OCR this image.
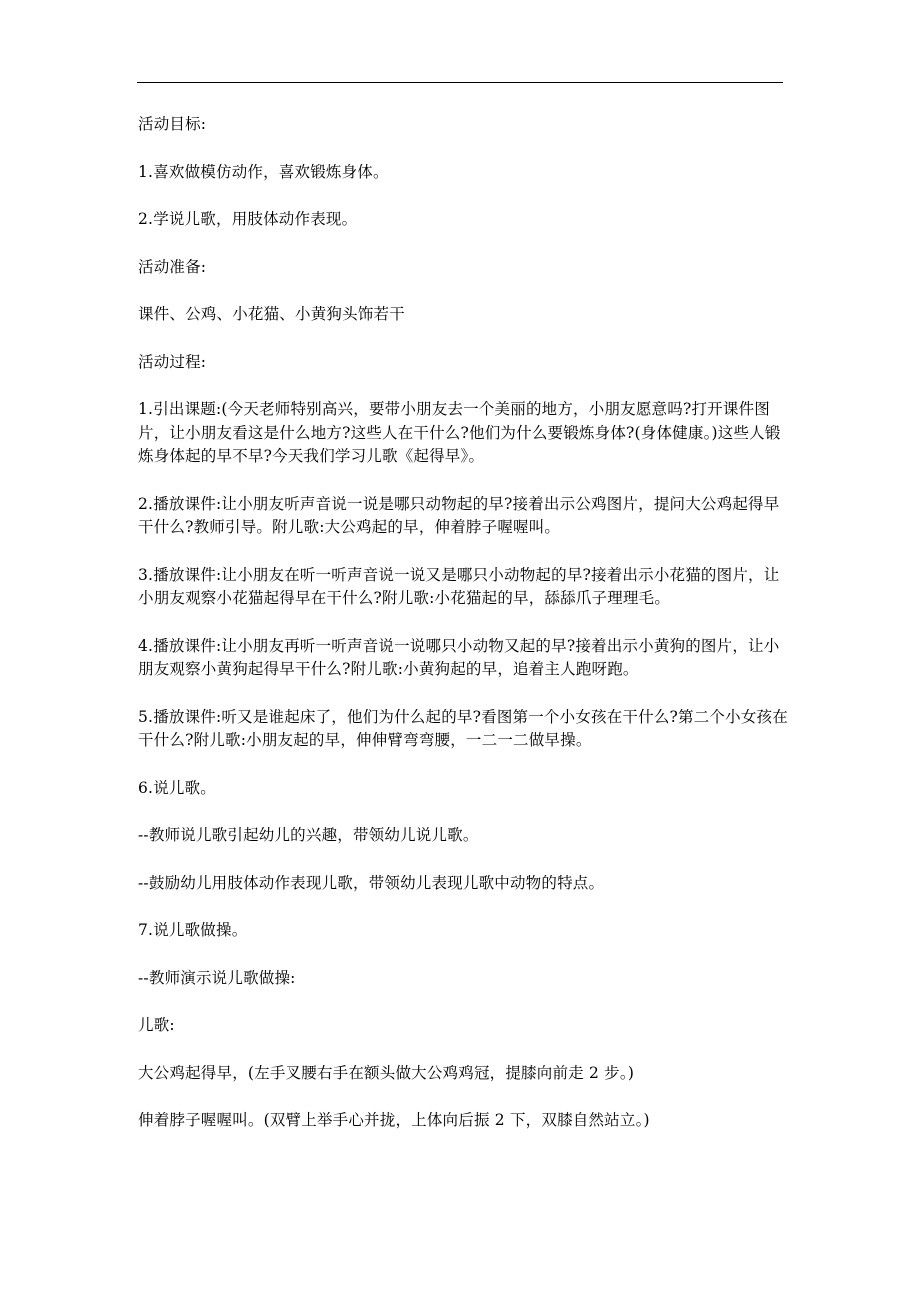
活动目标:

1.喜欢做模仿动作，喜欢锻炼身体。

2.学说儿歌，用肢体动作表现。

活动准备:

课件、公鸡、小花猫、小黄狗头饰若干

活动过程:

1.引出课题:(今天老师特别高兴，要带小朋友去一个美丽的地方，小朋友愿意吗?打开课件图片，让小朋友看这是什么地方?这些人在干什么?他们为什么要锻炼身体?(身体健康。)这些人锻炼身体起的早不早?今天我们学习儿歌《起得早》。

2.播放课件:让小朋友听声音说一说是哪只动物起的早?接着出示公鸡图片，提问大公鸡起得早干什么?教师引导。附儿歌:大公鸡起的早，伸着脖子喔喔叫。

3.播放课件:让小朋友在听一听声音说一说又是哪只小动物起的早?接着出示小花猫的图片，让小朋友观察小花猫起得早在干什么?附儿歌:小花猫起的早，舔舔爪子理理毛。

4.播放课件:让小朋友再听一听声音说一说哪只小动物又起的早?接着出示小黄狗的图片，让小朋友观察小黄狗起得早干什么?附儿歌:小黄狗起的早，追着主人跑呀跑。

5.播放课件:听又是谁起床了，他们为什么起的早?看图第一个小女孩在干什么?第二个小女孩在干什么?附儿歌:小朋友起的早，伸伸臂弯弯腰，一二一二做早操。

6.说儿歌。

--教师说儿歌引起幼儿的兴趣，带领幼儿说儿歌。

--鼓励幼儿用肢体动作表现儿歌，带领幼儿表现儿歌中动物的特点。

7.说儿歌做操。

--教师演示说儿歌做操:

儿歌:

大公鸡起得早，(左手叉腰右手在额头做大公鸡鸡冠，提膝向前走 2 步。)

伸着脖子喔喔叫。(双臂上举手心并拢，上体向后振 2 下，双膝自然站立。)
